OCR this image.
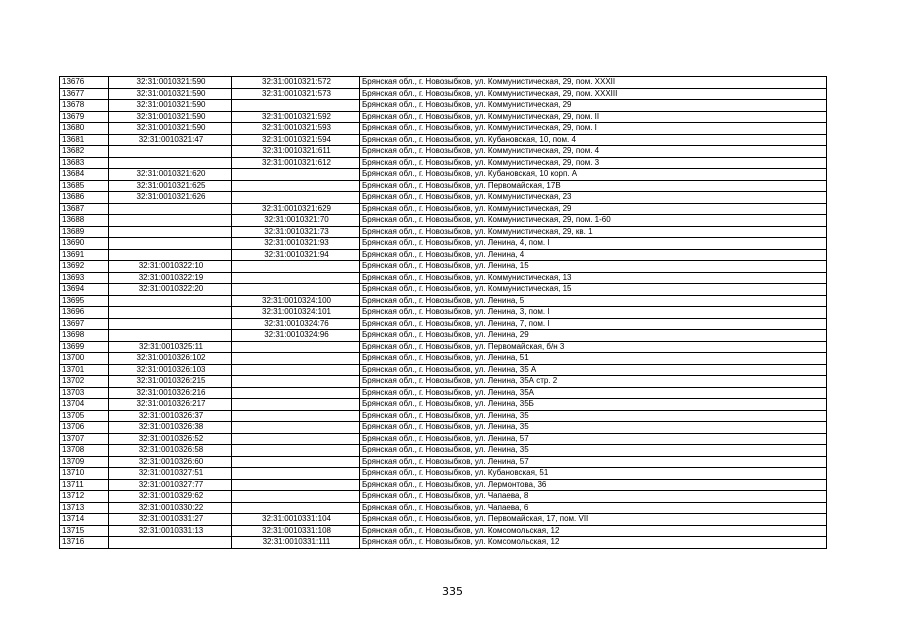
13676	32:31:0010321:590	32:31:0010321:572	Брянская обл., г. Новозыбков, ул. Коммунистическая, 29, пом. XXXII
13677	32:31:0010321:590	32:31:0010321:573	Брянская обл., г. Новозыбков, ул. Коммунистическая, 29, пом. XXXIII
13678	32:31:0010321:590		Брянская обл., г. Новозыбков, ул. Коммунистическая, 29
13679	32:31:0010321:590	32:31:0010321:592	Брянская обл., г. Новозыбков, ул. Коммунистическая, 29, пом. II
13680	32:31:0010321:590	32:31:0010321:593	Брянская обл., г. Новозыбков, ул. Коммунистическая, 29, пом. I
13681	32:31:0010321:47	32:31:0010321:594	Брянская обл., г. Новозыбков, ул. Кубановская, 10, пом. 4
13682		32:31:0010321:611	Брянская обл., г. Новозыбков, ул. Коммунистическая, 29, пом. 4
13683		32:31:0010321:612	Брянская обл., г. Новозыбков, ул. Коммунистическая, 29, пом. 3
13684	32:31:0010321:620		Брянская обл., г. Новозыбков, ул. Кубановская, 10 корп. А
13685	32:31:0010321:625		Брянская обл., г. Новозыбков, ул. Первомайская, 17В
13686	32:31:0010321:626		Брянская обл., г. Новозыбков, ул. Коммунистическая, 23
13687		32:31:0010321:629	Брянская обл., г. Новозыбков, ул. Коммунистическая, 29
13688		32:31:0010321:70	Брянская обл., г. Новозыбков, ул. Коммунистическая, 29, пом. 1-60
13689		32:31:0010321:73	Брянская обл., г. Новозыбков, ул. Коммунистическая, 29, кв. 1
13690		32:31:0010321:93	Брянская обл., г. Новозыбков, ул. Ленина, 4, пом. I
13691		32:31:0010321:94	Брянская обл., г. Новозыбков, ул. Ленина, 4
13692	32:31:0010322:10		Брянская обл., г. Новозыбков, ул. Ленина, 15
13693	32:31:0010322:19		Брянская обл., г. Новозыбков, ул. Коммунистическая, 13
13694	32:31:0010322:20		Брянская обл., г. Новозыбков, ул. Коммунистическая, 15
13695		32:31:0010324:100	Брянская обл., г. Новозыбков, ул. Ленина, 5
13696		32:31:0010324:101	Брянская обл., г. Новозыбков, ул. Ленина, 3, пом. I
13697		32:31:0010324:76	Брянская обл., г. Новозыбков, ул. Ленина, 7, пом. I
13698		32:31:0010324:96	Брянская обл., г. Новозыбков, ул. Ленина, 29
13699	32:31:0010325:11		Брянская обл., г. Новозыбков, ул. Первомайская, б/н 3
13700	32:31:0010326:102		Брянская обл., г. Новозыбков, ул. Ленина, 51
13701	32:31:0010326:103		Брянская обл., г. Новозыбков, ул. Ленина, 35 А
13702	32:31:0010326:215		Брянская обл., г. Новозыбков, ул. Ленина, 35А стр. 2
13703	32:31:0010326:216		Брянская обл., г. Новозыбков, ул. Ленина, 35А
13704	32:31:0010326:217		Брянская обл., г. Новозыбков, ул. Ленина, 35Б
13705	32:31:0010326:37		Брянская обл., г. Новозыбков, ул. Ленина, 35
13706	32:31:0010326:38		Брянская обл., г. Новозыбков, ул. Ленина, 35
13707	32:31:0010326:52		Брянская обл., г. Новозыбков, ул. Ленина, 57
13708	32:31:0010326:58		Брянская обл., г. Новозыбков, ул. Ленина, 35
13709	32:31:0010326:60		Брянская обл., г. Новозыбков, ул. Ленина, 57
13710	32:31:0010327:51		Брянская обл., г. Новозыбков, ул. Кубановская, 51
13711	32:31:0010327:77		Брянская обл., г. Новозыбков, ул. Лермонтова, 36
13712	32:31:0010329:62		Брянская обл., г. Новозыбков, ул. Чапаева, 8
13713	32:31:0010330:22		Брянская обл., г. Новозыбков, ул. Чапаева, 6
13714	32:31:0010331:27	32:31:0010331:104	Брянская обл., г. Новозыбков, ул. Первомайская, 17, пом. VII
13715	32:31:0010331:13	32:31:0010331:108	Брянская обл., г. Новозыбков, ул. Комсомольская, 12
13716		32:31:0010331:111	Брянская обл., г. Новозыбков, ул. Комсомольская, 12
335
